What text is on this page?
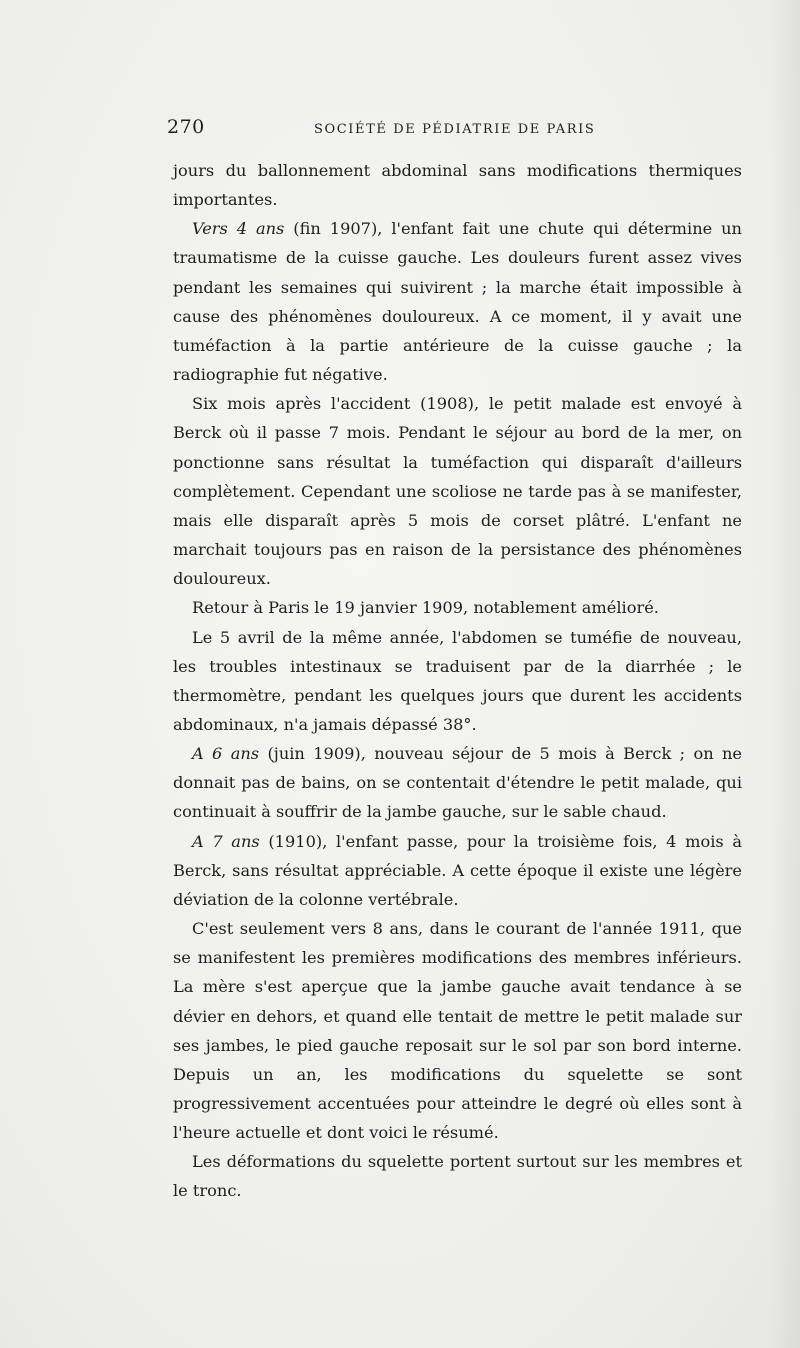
270	SOCIÉTÉ DE PÉDIATRIE DE PARIS

jours du ballonnement abdominal sans modifications thermiques importantes.

Vers 4 ans (fin 1907), l'enfant fait une chute qui détermine un traumatisme de la cuisse gauche. Les douleurs furent assez vives pendant les semaines qui suivirent ; la marche était impossible à cause des phénomènes douloureux. A ce moment, il y avait une tuméfaction à la partie antérieure de la cuisse gauche ; la radiographie fut négative.

Six mois après l'accident (1908), le petit malade est envoyé à Berck où il passe 7 mois. Pendant le séjour au bord de la mer, on ponctionne sans résultat la tuméfaction qui disparaît d'ailleurs complètement. Cependant une scoliose ne tarde pas à se manifester, mais elle disparaît après 5 mois de corset plâtré. L'enfant ne marchait toujours pas en raison de la persistance des phénomènes douloureux.

Retour à Paris le 19 janvier 1909, notablement amélioré.

Le 5 avril de la même année, l'abdomen se tuméfie de nouveau, les troubles intestinaux se traduisent par de la diarrhée ; le thermomètre, pendant les quelques jours que durent les accidents abdominaux, n'a jamais dépassé 38°.

A 6 ans (juin 1909), nouveau séjour de 5 mois à Berck ; on ne donnait pas de bains, on se contentait d'étendre le petit malade, qui continuait à souffrir de la jambe gauche, sur le sable chaud.

A 7 ans (1910), l'enfant passe, pour la troisième fois, 4 mois à Berck, sans résultat appréciable. A cette époque il existe une légère déviation de la colonne vertébrale.

C'est seulement vers 8 ans, dans le courant de l'année 1911, que se manifestent les premières modifications des membres inférieurs. La mère s'est aperçue que la jambe gauche avait tendance à se dévier en dehors, et quand elle tentait de mettre le petit malade sur ses jambes, le pied gauche reposait sur le sol par son bord interne. Depuis un an, les modifications du squelette se sont progressivement accentuées pour atteindre le degré où elles sont à l'heure actuelle et dont voici le résumé.

Les déformations du squelette portent surtout sur les membres et le tronc.
